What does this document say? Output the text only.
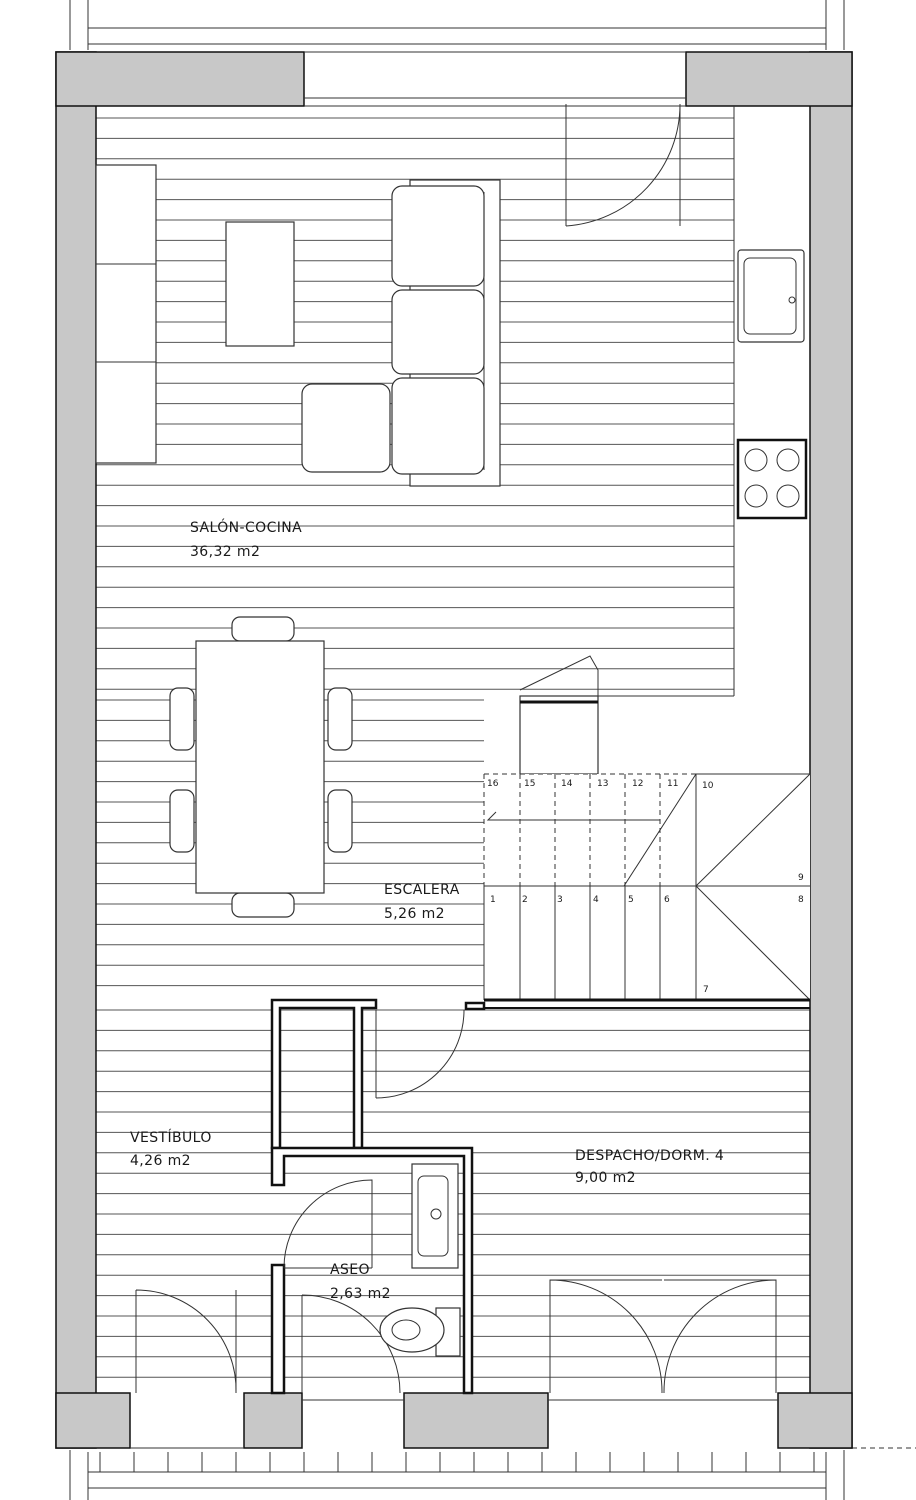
1	2	3	4	5	6
11
12
13
14
15
16
7
8
9
10
SALÓN-COCINA
36,32 m2
ESCALERA
5,26 m2
VESTÍBULO
4,26 m2	DESPACHO/DORM. 4
9,00 m2
ASEO
2,63 m2
